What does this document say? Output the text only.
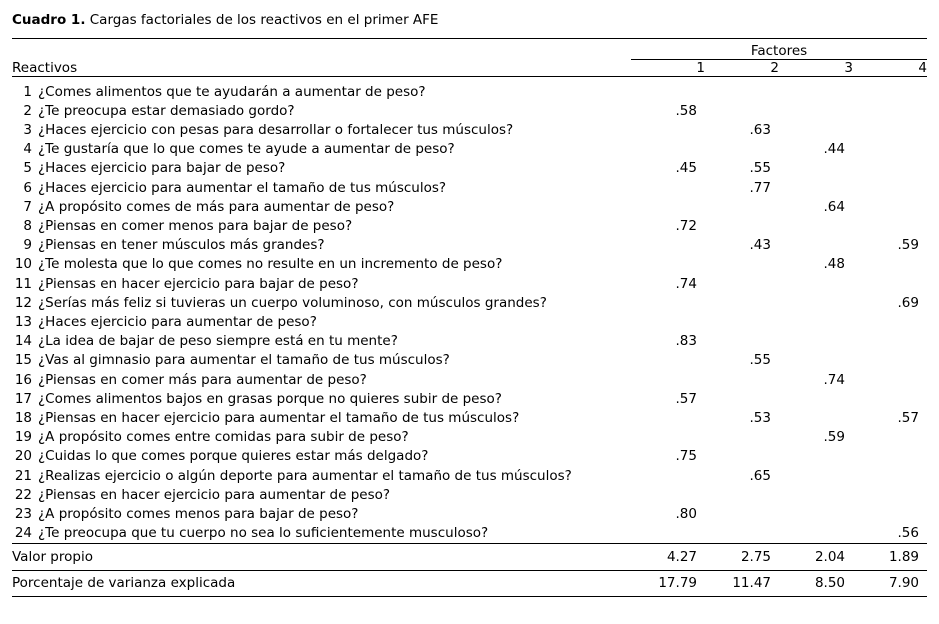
Cuadro 1. Cargas factoriales de los reactivos en el primer AFE

		Factores			
Reactivos		1	2	3	4

1	¿Comes alimentos que te ayudarán a aumentar de peso?				
2	¿Te preocupa estar demasiado gordo?	.58			
3	¿Haces ejercicio con pesas para desarrollar o fortalecer tus músculos?		.63		
4	¿Te gustaría que lo que comes te ayude a aumentar de peso?			.44	
5	¿Haces ejercicio para bajar de peso?	.45	.55		
6	¿Haces ejercicio para aumentar el tamaño de tus músculos?		.77		
7	¿A propósito comes de más para aumentar de peso?			.64	
8	¿Piensas en comer menos para bajar de peso?	.72			
9	¿Piensas en tener músculos más grandes?		.43		.59
10	¿Te molesta que lo que comes no resulte en un incremento de peso?			.48	
11	¿Piensas en hacer ejercicio para bajar de peso?	.74			
12	¿Serías más feliz si tuvieras un cuerpo voluminoso, con músculos grandes?				.69
13	¿Haces ejercicio para aumentar de peso?				
14	¿La idea de bajar de peso siempre está en tu mente?	.83			
15	¿Vas al gimnasio para aumentar el tamaño de tus músculos?		.55		
16	¿Piensas en comer más para aumentar de peso?			.74	
17	¿Comes alimentos bajos en grasas porque no quieres subir de peso?	.57			
18	¿Piensas en hacer ejercicio para aumentar el tamaño de tus músculos?		.53		.57
19	¿A propósito comes entre comidas para subir de peso?			.59	
20	¿Cuidas lo que comes porque quieres estar más delgado?	.75			
21	¿Realizas ejercicio o algún deporte para aumentar el tamaño de tus músculos?		.65		
22	¿Piensas en hacer ejercicio para aumentar de peso?				
23	¿A propósito comes menos para bajar de peso?	.80			
24	¿Te preocupa que tu cuerpo no sea lo suficientemente musculoso?				.56

Valor propio		4.27	2.75	2.04	1.89

Porcentaje de varianza explicada		17.79	11.47	8.50	7.90
